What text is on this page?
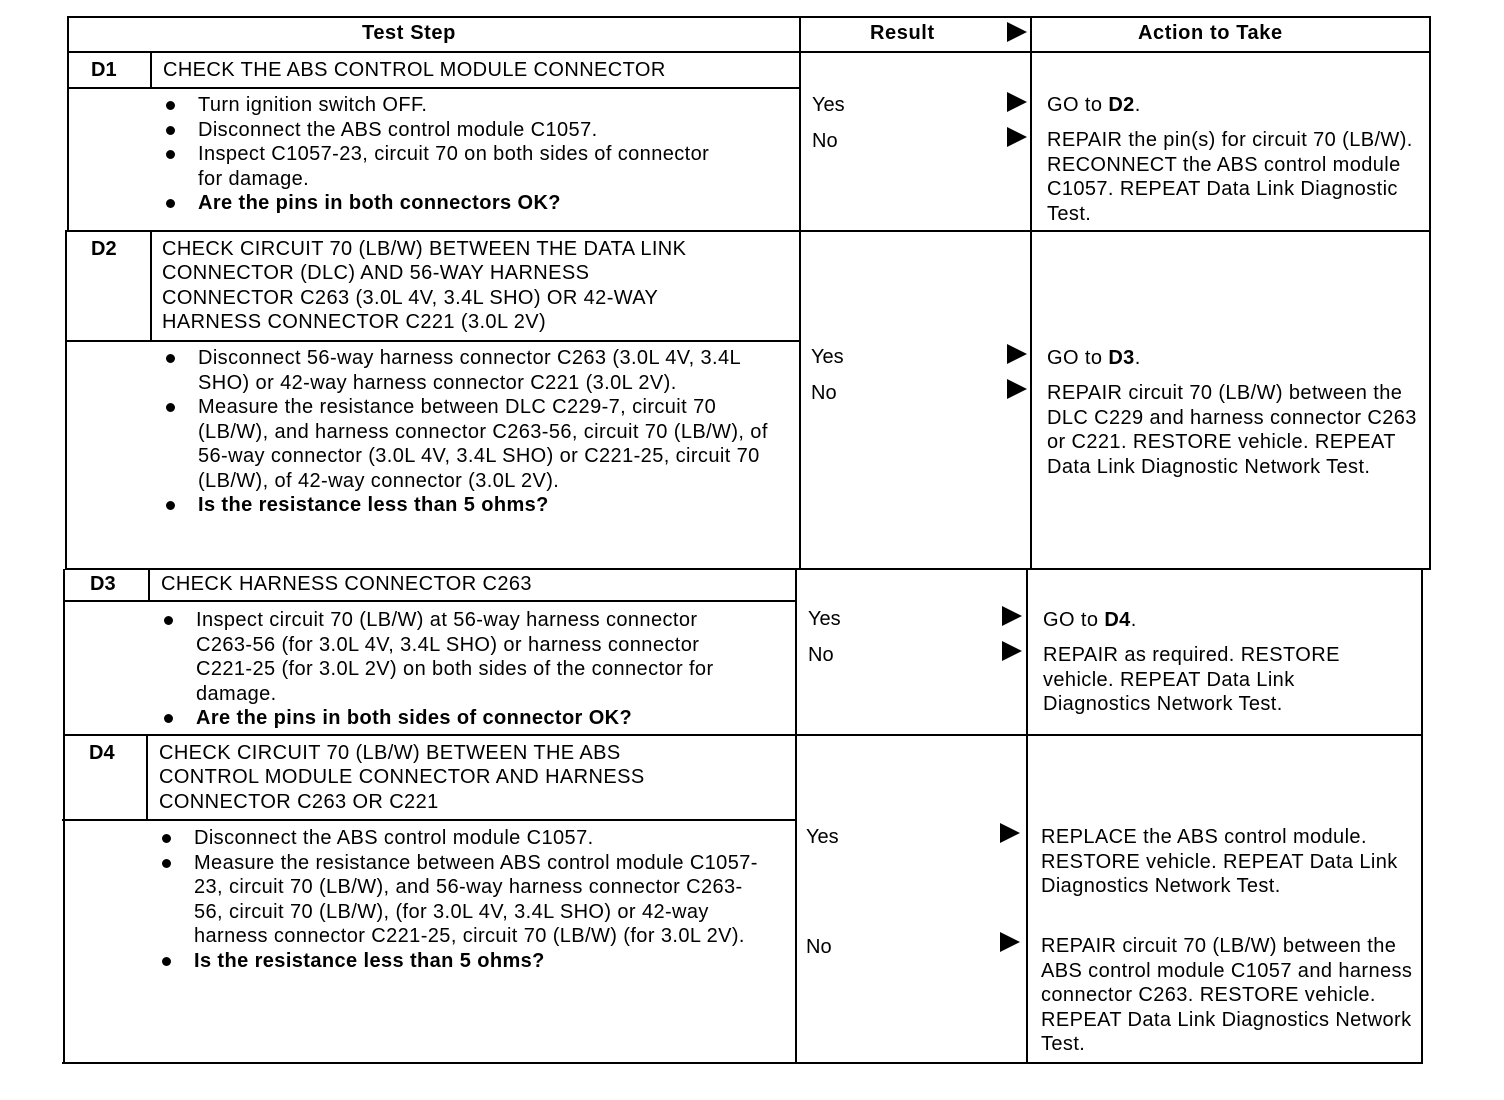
Test Step	Result	Action to Take
D1 CHECK THE ABS CONTROL MODULE CONNECTOR
Turn ignition switch OFF.
Disconnect the ABS control module C1057.
Inspect C1057-23, circuit 70 on both sides of connector for damage.
Are the pins in both connectors OK?
Yes	GO to D2.
No	REPAIR the pin(s) for circuit 70 (LB/W). RECONNECT the ABS control module C1057. REPEAT Data Link Diagnostic Test.
D2 CHECK CIRCUIT 70 (LB/W) BETWEEN THE DATA LINK
CONNECTOR (DLC) AND 56-WAY HARNESS
CONNECTOR C263 (3.0L 4V, 3.4L SHO) OR 42-WAY
HARNESS CONNECTOR C221 (3.0L 2V)
Disconnect 56-way harness connector C263 (3.0L 4V, 3.4L SHO) or 42-way harness connector C221 (3.0L 2V).
Measure the resistance between DLC C229-7, circuit 70 (LB/W), and harness connector C263-56, circuit 70 (LB/W), of 56-way connector (3.0L 4V, 3.4L SHO) or C221-25, circuit 70 (LB/W), of 42-way connector (3.0L 2V).
Is the resistance less than 5 ohms?
Yes	GO to D3.
No	REPAIR circuit 70 (LB/W) between the DLC C229 and harness connector C263 or C221. RESTORE vehicle. REPEAT Data Link Diagnostic Network Test.
D3 CHECK HARNESS CONNECTOR C263
Inspect circuit 70 (LB/W) at 56-way harness connector C263-56 (for 3.0L 4V, 3.4L SHO) or harness connector C221-25 (for 3.0L 2V) on both sides of the connector for damage.
Are the pins in both sides of connector OK?
Yes	GO to D4.
No	REPAIR as required. RESTORE vehicle. REPEAT Data Link Diagnostics Network Test.
D4 CHECK CIRCUIT 70 (LB/W) BETWEEN THE ABS
CONTROL MODULE CONNECTOR AND HARNESS
CONNECTOR C263 OR C221
Disconnect the ABS control module C1057.
Measure the resistance between ABS control module C1057-23, circuit 70 (LB/W), and 56-way harness connector C263-56, circuit 70 (LB/W), (for 3.0L 4V, 3.4L SHO) or 42-way harness connector C221-25, circuit 70 (LB/W) (for 3.0L 2V).
Is the resistance less than 5 ohms?
Yes	REPLACE the ABS control module. RESTORE vehicle. REPEAT Data Link Diagnostics Network Test.
No	REPAIR circuit 70 (LB/W) between the ABS control module C1057 and harness connector C263. RESTORE vehicle. REPEAT Data Link Diagnostics Network Test.
